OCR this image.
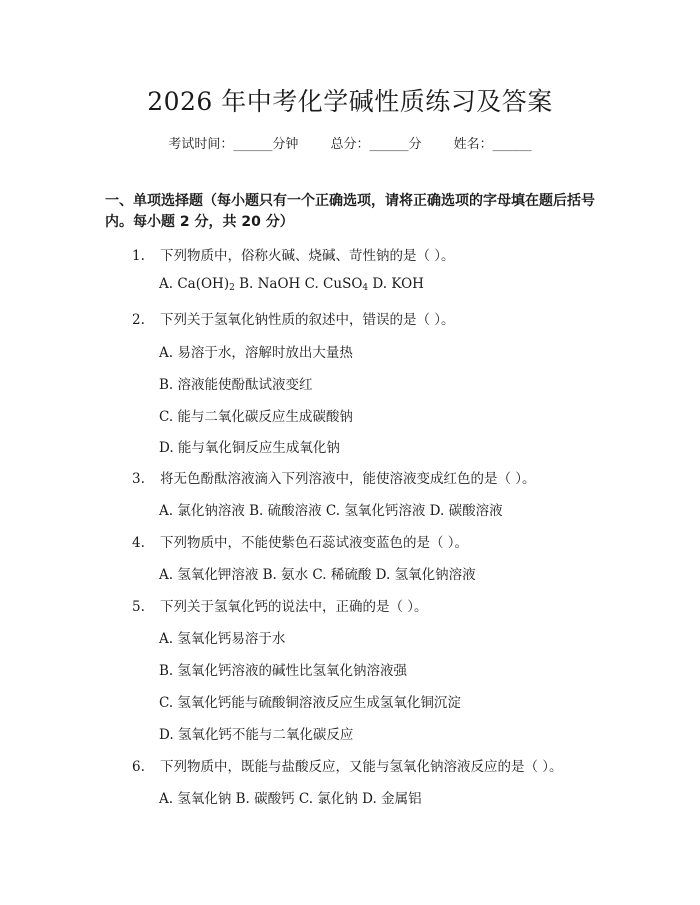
2026 年中考化学碱性质练习及答案
考试时间：______分钟 总分：______分 姓名：______
一、单项选择题（每小题只有一个正确选项，请将正确选项的字母填在题后括号内。每小题 2 分，共 20 分）
1. 下列物质中，俗称火碱、烧碱、苛性钠的是（ ）。
A. $Ca(OH)_2$ B. NaOH C. CuSO$_4$ D. KOH
2. 下列关于氢氧化钠性质的叙述中，错误的是（ ）。
A. 易溶于水，溶解时放出大量热
B. 溶液能使酚酞试液变红
C. 能与二氧化碳反应生成碳酸钠
D. 能与氧化铜反应生成氧化钠
3. 将无色酚酞溶液滴入下列溶液中，能使溶液变成红色的是（ ）。
A. 氯化钠溶液 B. 硫酸溶液 C. 氢氧化钙溶液 D. 碳酸溶液
4. 下列物质中，不能使紫色石蕊试液变蓝色的是（ ）。
A. 氢氧化钾溶液 B. 氨水 C. 稀硫酸 D. 氢氧化钠溶液
5. 下列关于氢氧化钙的说法中，正确的是（ ）。
A. 氢氧化钙易溶于水
B. 氢氧化钙溶液的碱性比氢氧化钠溶液强
C. 氢氧化钙能与硫酸铜溶液反应生成氢氧化铜沉淀
D. 氢氧化钙不能与二氧化碳反应
6. 下列物质中，既能与盐酸反应，又能与氢氧化钠溶液反应的是（ ）。
A. 氢氧化钠 B. 碳酸钙 C. 氯化钠 D. 金属铝
